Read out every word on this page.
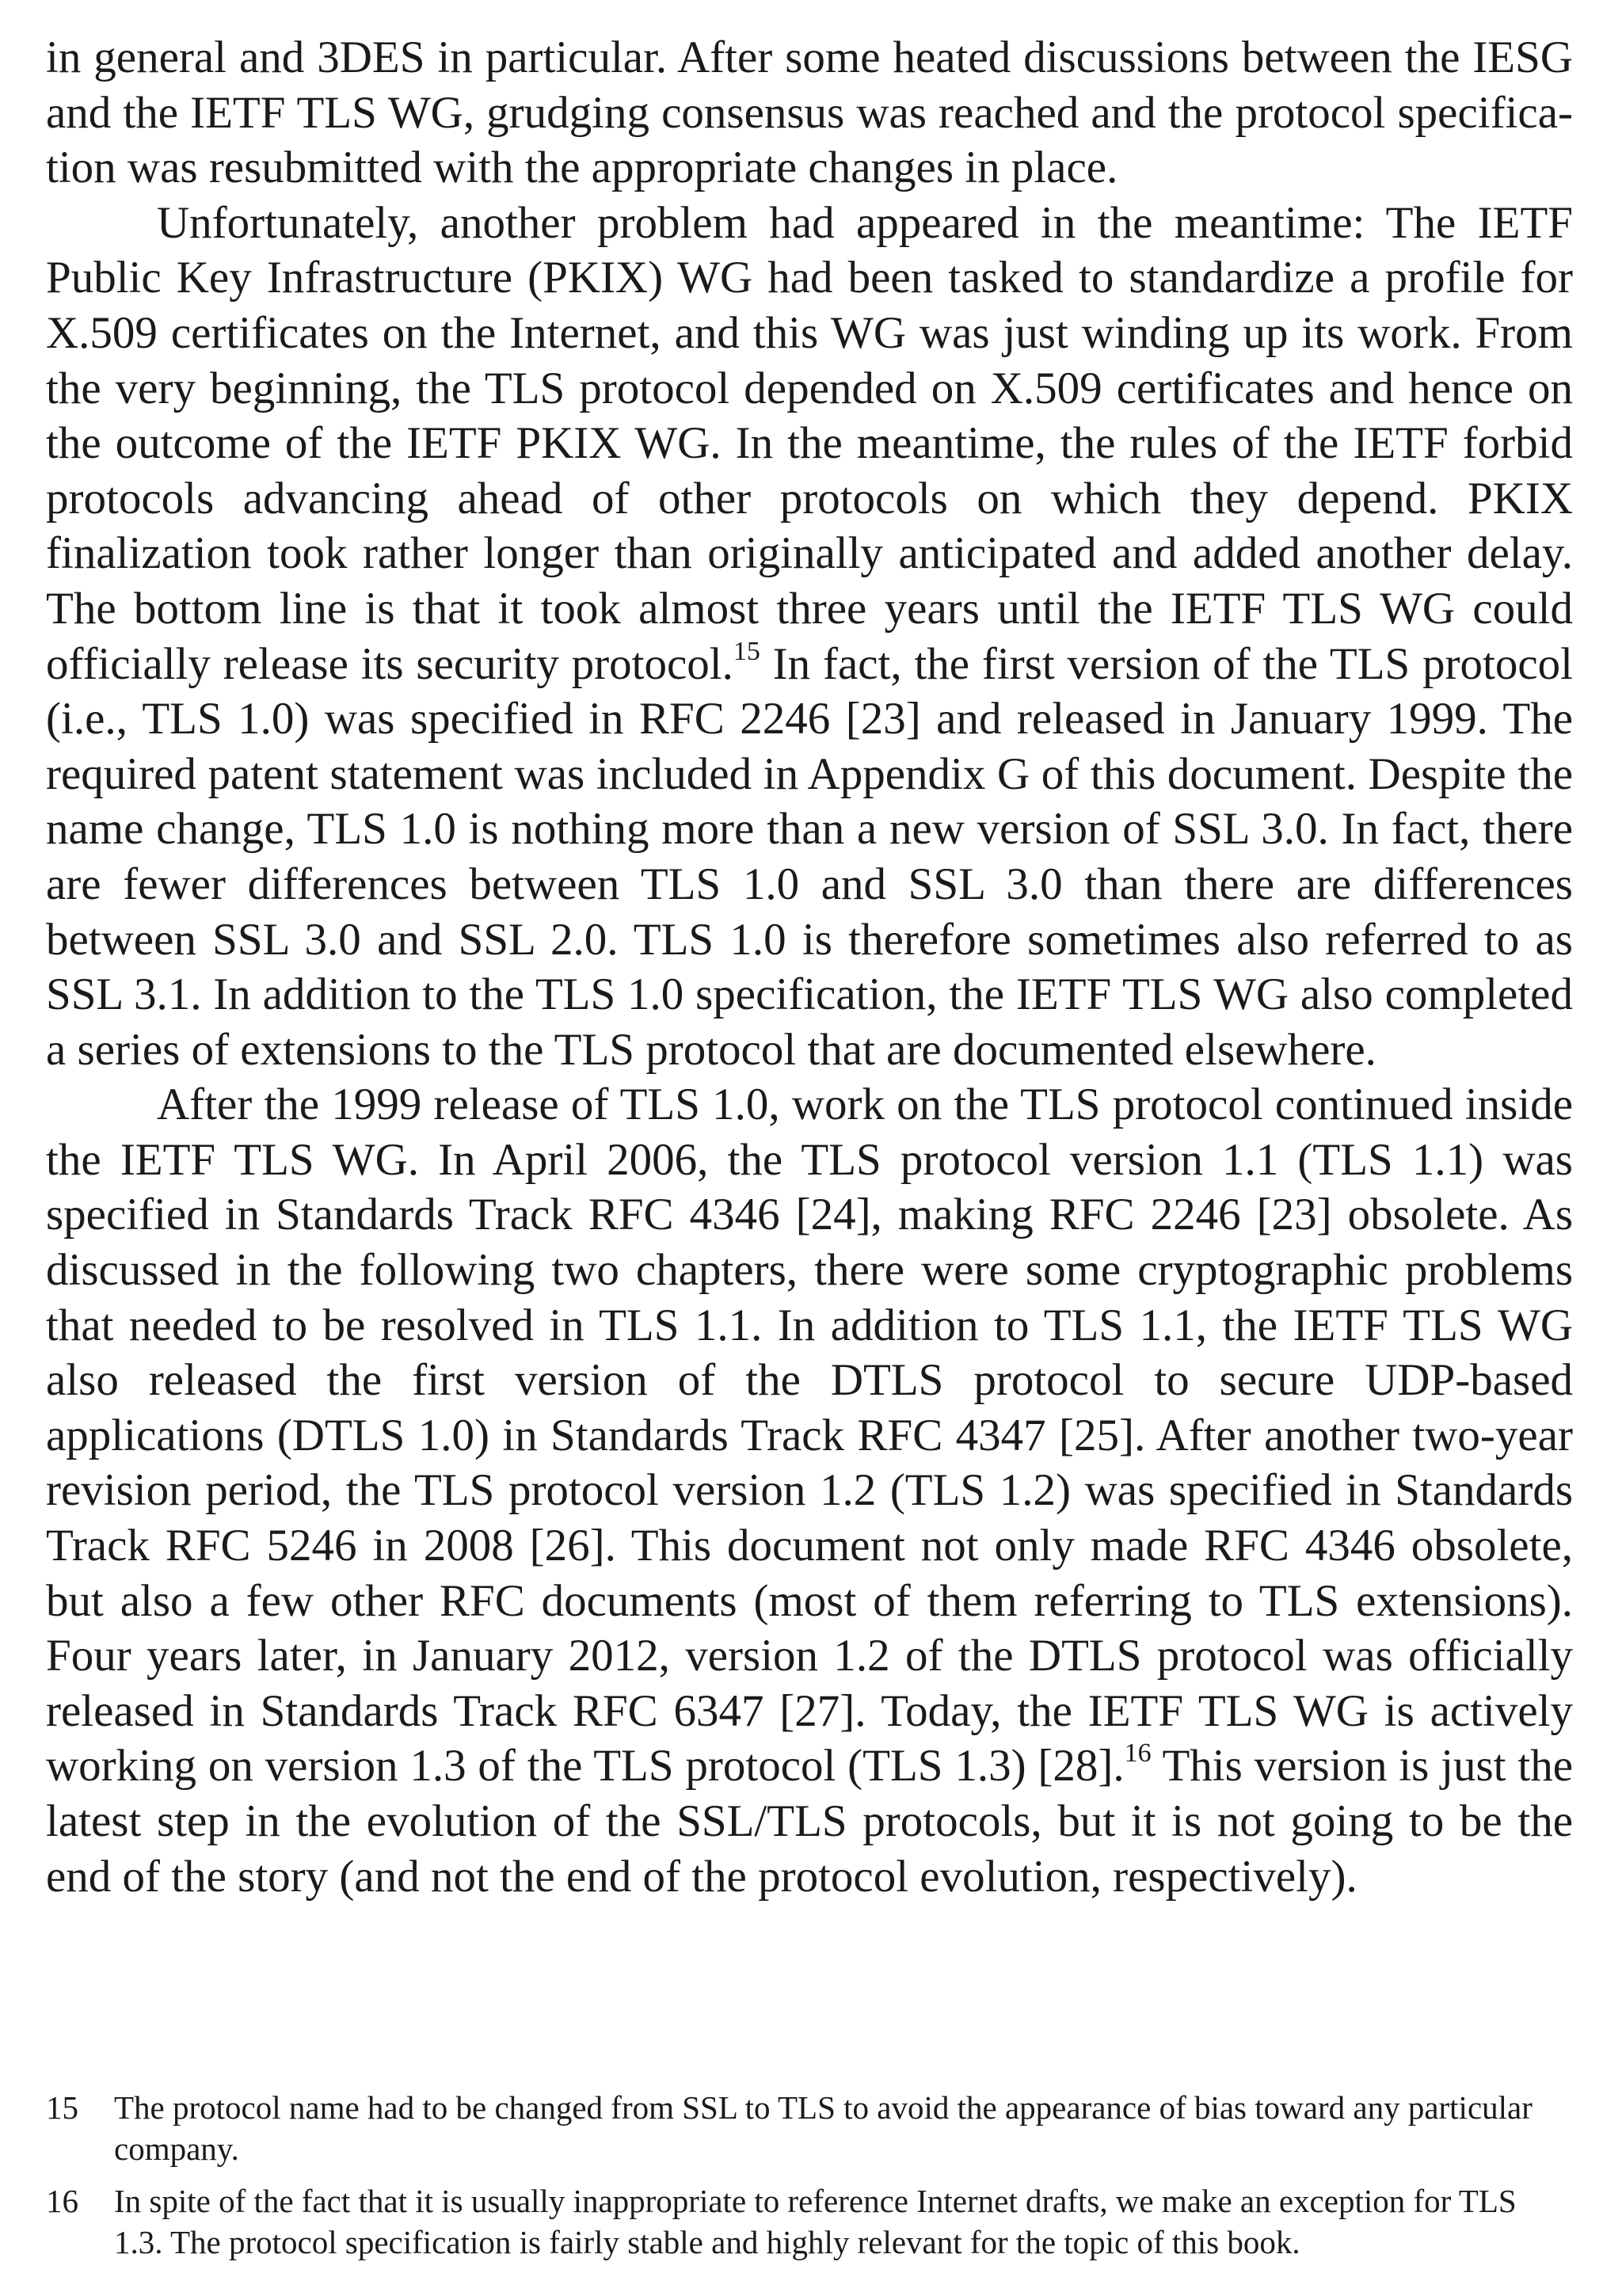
in general and 3DES in particular. After some heated discussions between the IESG and the IETF TLS WG, grudging consensus was reached and the protocol specification was resubmitted with the appropriate changes in place.

Unfortunately, another problem had appeared in the meantime: The IETF Public Key Infrastructure (PKIX) WG had been tasked to standardize a profile for X.509 certificates on the Internet, and this WG was just winding up its work. From the very beginning, the TLS protocol depended on X.509 certificates and hence on the outcome of the IETF PKIX WG. In the meantime, the rules of the IETF forbid protocols advancing ahead of other protocols on which they depend. PKIX finalization took rather longer than originally anticipated and added another delay. The bottom line is that it took almost three years until the IETF TLS WG could officially release its security protocol.$^{15}$ In fact, the first version of the TLS protocol (i.e., TLS 1.0) was specified in RFC 2246 [23] and released in January 1999. The required patent statement was included in Appendix G of this document. Despite the name change, TLS 1.0 is nothing more than a new version of SSL 3.0. In fact, there are fewer differences between TLS 1.0 and SSL 3.0 than there are differences between SSL 3.0 and SSL 2.0. TLS 1.0 is therefore sometimes also referred to as SSL 3.1. In addition to the TLS 1.0 specification, the IETF TLS WG also completed a series of extensions to the TLS protocol that are documented elsewhere.

After the 1999 release of TLS 1.0, work on the TLS protocol continued inside the IETF TLS WG. In April 2006, the TLS protocol version 1.1 (TLS 1.1) was specified in Standards Track RFC 4346 [24], making RFC 2246 [23] obsolete. As discussed in the following two chapters, there were some cryptographic problems that needed to be resolved in TLS 1.1. In addition to TLS 1.1, the IETF TLS WG also released the first version of the DTLS protocol to secure UDP-based applications (DTLS 1.0) in Standards Track RFC 4347 [25]. After another two-year revision period, the TLS protocol version 1.2 (TLS 1.2) was specified in Standards Track RFC 5246 in 2008 [26]. This document not only made RFC 4346 obsolete, but also a few other RFC documents (most of them referring to TLS extensions). Four years later, in January 2012, version 1.2 of the DTLS protocol was officially released in Standards Track RFC 6347 [27]. Today, the IETF TLS WG is actively working on version 1.3 of the TLS protocol (TLS 1.3) [28].$^{16}$ This version is just the latest step in the evolution of the SSL/TLS protocols, but it is not going to be the end of the story (and not the end of the protocol evolution, respectively).

15	The protocol name had to be changed from SSL to TLS to avoid the appearance of bias toward any particular company.
16	In spite of the fact that it is usually inappropriate to reference Internet drafts, we make an exception for TLS 1.3. The protocol specification is fairly stable and highly relevant for the topic of this book.
